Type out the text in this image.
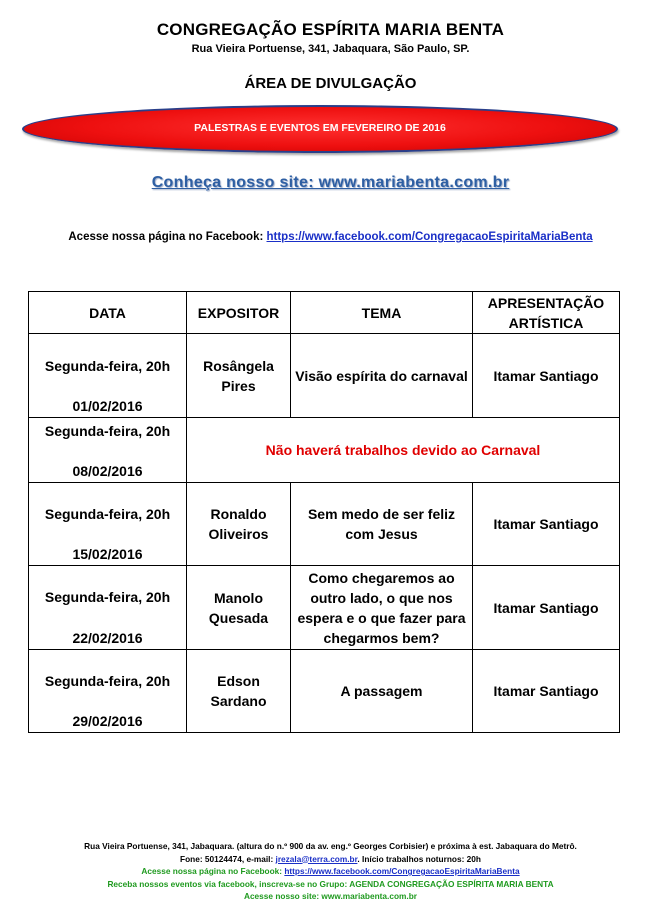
CONGREGAÇÃO ESPÍRITA MARIA BENTA
Rua Vieira Portuense, 341, Jabaquara, São Paulo, SP.
ÁREA DE DIVULGAÇÃO
PALESTRAS E EVENTOS EM FEVEREIRO DE 2016
Conheça nosso site: www.mariabenta.com.br
Acesse nossa página no Facebook: https://www.facebook.com/CongregacaoEspiritaMariaBenta
DATA	EXPOSITOR	TEMA	APRESENTAÇÃO ARTÍSTICA

Segunda-feira, 20h
01/02/2016	Rosângela Pires	Visão espírita do carnaval	Itamar Santiago

Segunda-feira, 20h
08/02/2016	Não haverá trabalhos devido ao Carnaval		

Segunda-feira, 20h
15/02/2016	Ronaldo Oliveiros	Sem medo de ser feliz com Jesus	Itamar Santiago

Segunda-feira, 20h
22/02/2016	Manolo Quesada	Como chegaremos ao outro lado, o que nos espera e o que fazer para chegarmos bem?	Itamar Santiago

Segunda-feira, 20h
29/02/2016	Edson Sardano	A passagem	Itamar Santiago
Rua Vieira Portuense, 341, Jabaquara. (altura do n.º 900 da av. eng.º Georges Corbisier) e próxima à est. Jabaquara do Metrô.
Fone: 50124474, e-mail: jrezala@terra.com.br. Início trabalhos noturnos: 20h
Acesse nossa página no Facebook: https://www.facebook.com/CongregacaoEspiritaMariaBenta
Receba nossos eventos via facebook, inscreva-se no Grupo: AGENDA CONGREGAÇÃO ESPÍRITA MARIA BENTA
Acesse nosso site: www.mariabenta.com.br
